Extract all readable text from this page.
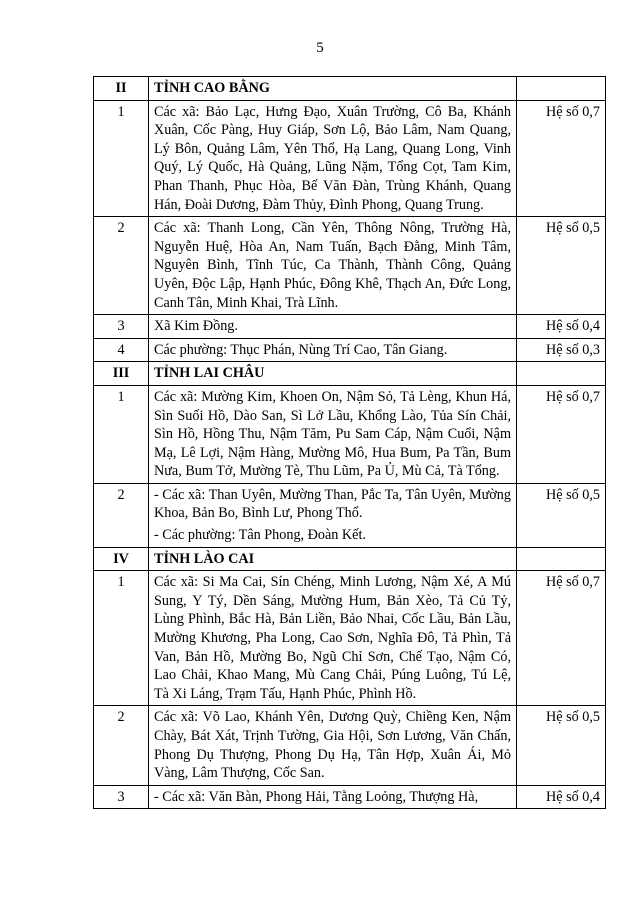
5
II	TỈNH CAO BẰNG	
1	Các xã: Bảo Lạc, Hưng Đạo, Xuân Trường, Cô Ba, Khánh Xuân, Cốc Pàng, Huy Giáp, Sơn Lộ, Bảo Lâm, Nam Quang, Lý Bôn, Quảng Lâm, Yên Thổ, Hạ Lang, Quang Long, Vinh Quý, Lý Quốc, Hà Quảng, Lũng Nặm, Tổng Cọt, Tam Kim, Phan Thanh, Phục Hòa, Bế Văn Đàn, Trùng Khánh, Quang Hán, Đoài Dương, Đàm Thủy, Đình Phong, Quang Trung.	Hệ số 0,7
2	Các xã: Thanh Long, Cần Yên, Thông Nông, Trường Hà, Nguyễn Huệ, Hòa An, Nam Tuấn, Bạch Đằng, Minh Tâm, Nguyên Bình, Tĩnh Túc, Ca Thành, Thành Công, Quảng Uyên, Độc Lập, Hạnh Phúc, Đông Khê, Thạch An, Đức Long, Canh Tân, Minh Khai, Trà Lĩnh.	Hệ số 0,5
3	Xã Kim Đồng.	Hệ số 0,4
4	Các phường: Thục Phán, Nùng Trí Cao, Tân Giang.	Hệ số 0,3
III	TỈNH LAI CHÂU	
1	Các xã: Mường Kim, Khoen On, Nậm Sỏ, Tả Lèng, Khun Há, Sìn Suối Hồ, Dào San, Sì Lở Lầu, Khổng Lào, Tủa Sín Chải, Sìn Hồ, Hồng Thu, Nậm Tăm, Pu Sam Cáp, Nậm Cuổi, Nậm Mạ, Lê Lợi, Nậm Hàng, Mường Mô, Hua Bum, Pa Tần, Bum Nưa, Bum Tở, Mường Tè, Thu Lũm, Pa Ủ, Mù Cả, Tà Tổng.	Hệ số 0,7
2	- Các xã: Than Uyên, Mường Than, Pắc Ta, Tân Uyên, Mường Khoa, Bản Bo, Bình Lư, Phong Thổ.
- Các phường: Tân Phong, Đoàn Kết.	Hệ số 0,5
IV	TỈNH LÀO CAI	
1	Các xã: Si Ma Cai, Sín Chéng, Minh Lương, Nậm Xé, A Mú Sung, Y Tý, Dền Sáng, Mường Hum, Bản Xèo, Tả Củ Tỷ, Lùng Phình, Bắc Hà, Bản Liền, Bảo Nhai, Cốc Lầu, Bản Lầu, Mường Khương, Pha Long, Cao Sơn, Nghĩa Đô, Tả Phìn, Tả Van, Bản Hồ, Mường Bo, Ngũ Chỉ Sơn, Chế Tạo, Nậm Có, Lao Chải, Khao Mang, Mù Cang Chải, Púng Luông, Tú Lệ, Tà Xi Láng, Trạm Tấu, Hạnh Phúc, Phình Hồ.	Hệ số 0,7
2	Các xã: Võ Lao, Khánh Yên, Dương Quỳ, Chiềng Ken, Nậm Chày, Bát Xát, Trịnh Tường, Gia Hội, Sơn Lương, Văn Chấn, Phong Dụ Thượng, Phong Dụ Hạ, Tân Hợp, Xuân Ái, Mỏ Vàng, Lâm Thượng, Cốc San.	Hệ số 0,5
3	- Các xã: Văn Bàn, Phong Hải, Tằng Loỏng, Thượng Hà,	Hệ số 0,4
